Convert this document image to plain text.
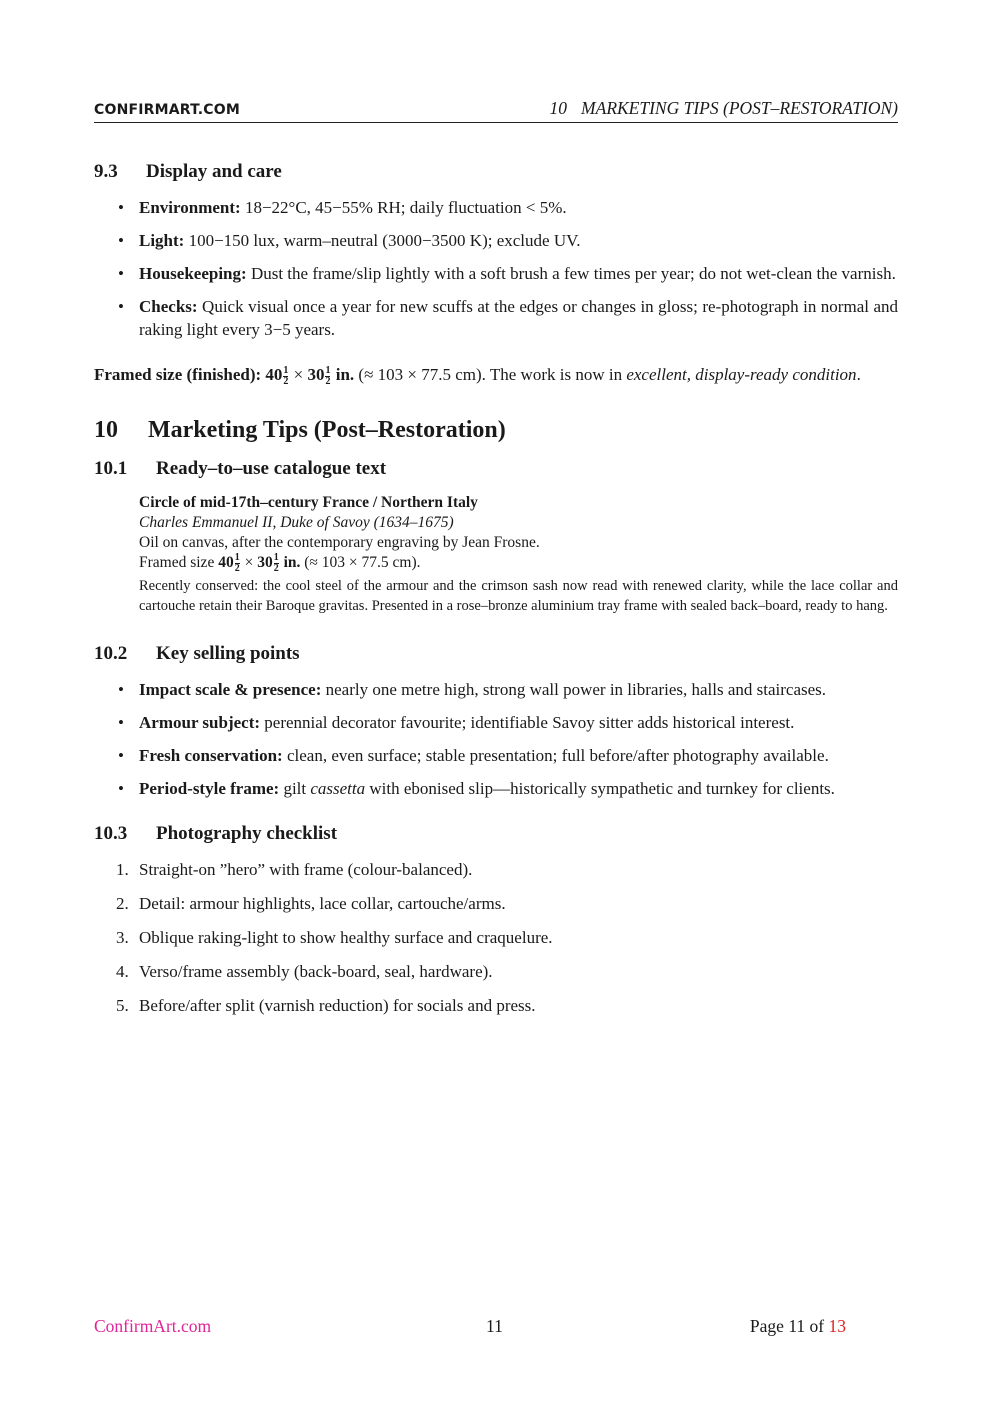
CONFIRMART.COM	10 MARKETING TIPS (POST–RESTORATION)
9.3 Display and care
• Environment: 18−22°C, 45−55% RH; daily fluctuation < 5%.
• Light: 100−150 lux, warm–neutral (3000−3500 K); exclude UV.
• Housekeeping: Dust the frame/slip lightly with a soft brush a few times per year; do not wet-clean the varnish.
• Checks: Quick visual once a year for new scuffs at the edges or changes in gloss; re-photograph in normal and raking light every 3−5 years.

Framed size (finished): $40 \frac{1}{2} \times 30 \frac{1}{2}$ in. (≈ 103 × 77.5 cm). The work is now in excellent, display-ready condition.

10 Marketing Tips (Post–Restoration)
10.1 Ready–to–use catalogue text
Circle of mid-17th–century France / Northern Italy
Charles Emmanuel II, Duke of Savoy (1634–1675)
Oil on canvas, after the contemporary engraving by Jean Frosne.
Framed size $40 \frac{1}{2} \times 30 \frac{1}{2}$ in. (≈ 103 × 77.5 cm).
Recently conserved: the cool steel of the armour and the crimson sash now read with renewed clarity, while the lace collar and cartouche retain their Baroque gravitas. Presented in a rose–bronze aluminium tray frame with sealed back–board, ready to hang.
10.2 Key selling points
• Impact scale & presence: nearly one metre high, strong wall power in libraries, halls and staircases.
• Armour subject: perennial decorator favourite; identifiable Savoy sitter adds historical interest.
• Fresh conservation: clean, even surface; stable presentation; full before/after photography available.
• Period-style frame: gilt cassetta with ebonised slip—historically sympathetic and turnkey for clients.
10.3 Photography checklist
1. Straight-on ”hero” with frame (colour-balanced).
2. Detail: armour highlights, lace collar, cartouche/arms.
3. Oblique raking-light to show healthy surface and craquelure.
4. Verso/frame assembly (back-board, seal, hardware).
5. Before/after split (varnish reduction) for socials and press.
ConfirmArt.com	11	Page 11 of 13
